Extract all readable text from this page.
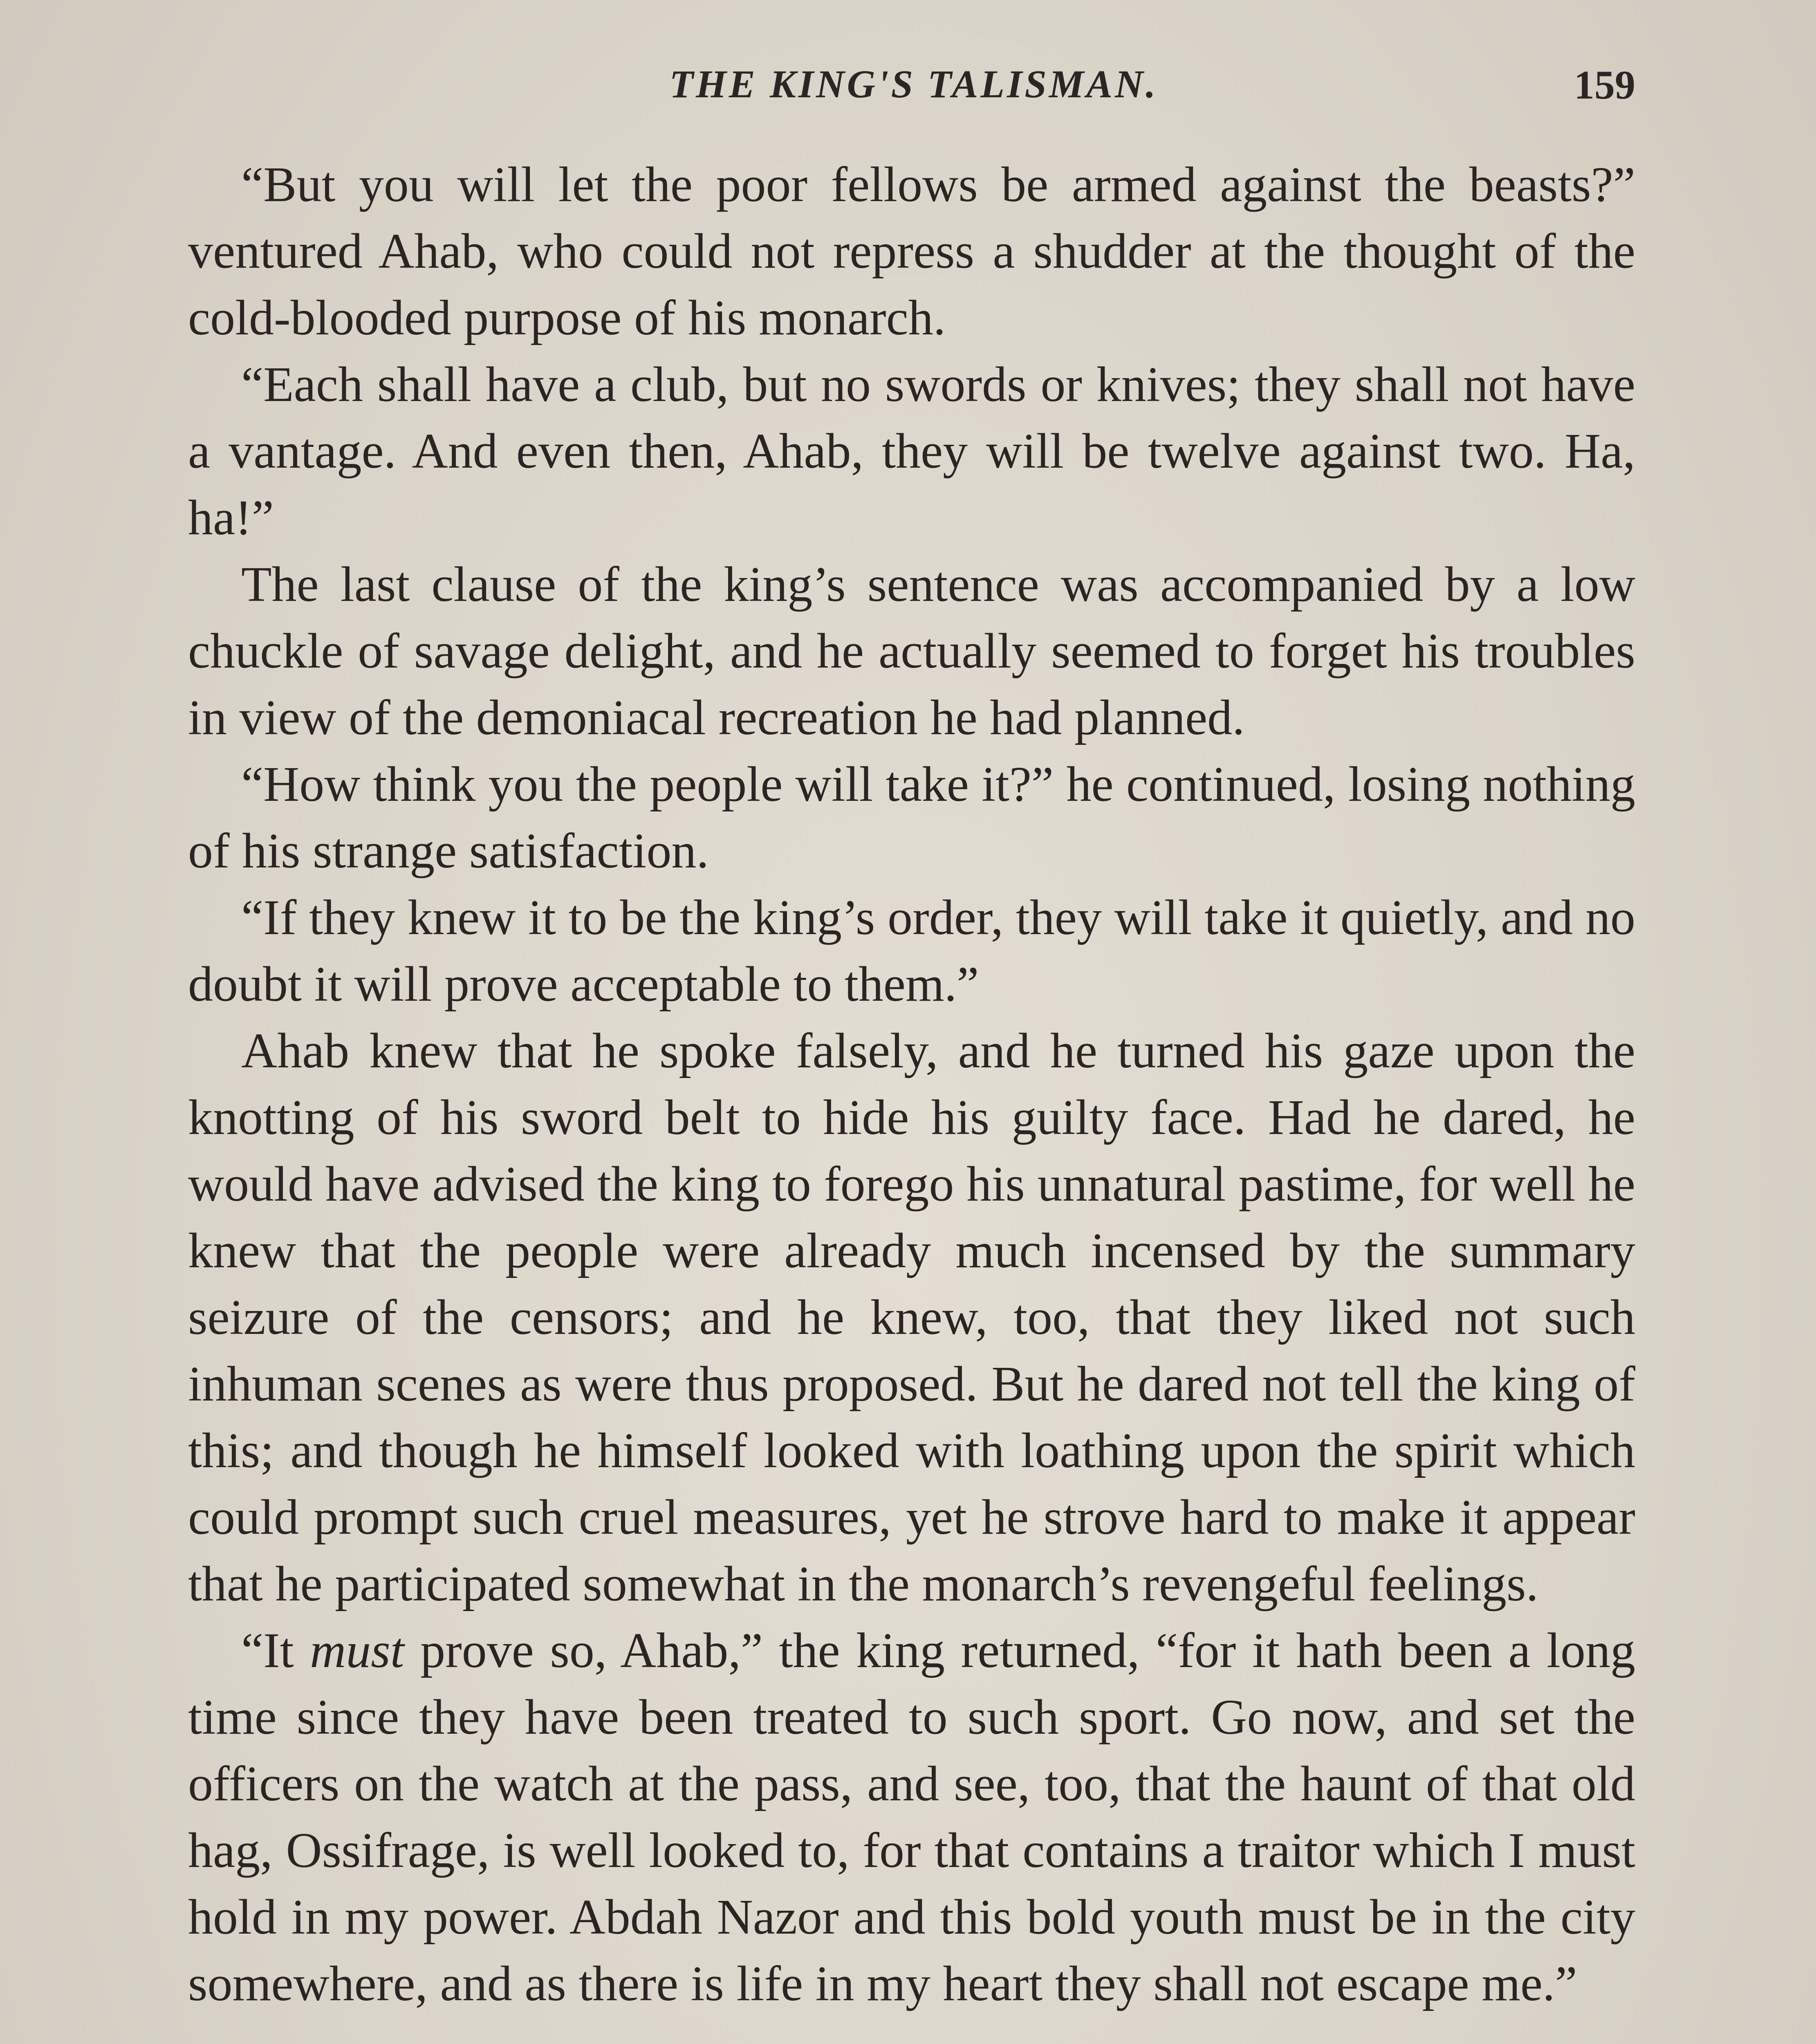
THE KING'S TALISMAN.	159

“But you will let the poor fellows be armed against the beasts?” ventured Ahab, who could not repress a shudder at the thought of the cold-blooded purpose of his monarch.

“Each shall have a club, but no swords or knives; they shall not have a vantage. And even then, Ahab, they will be twelve against two. Ha, ha!”

The last clause of the king’s sentence was accompanied by a low chuckle of savage delight, and he actually seemed to forget his troubles in view of the demoniacal recreation he had planned.

“How think you the people will take it?” he continued, losing nothing of his strange satisfaction.

“If they knew it to be the king’s order, they will take it quietly, and no doubt it will prove acceptable to them.”

Ahab knew that he spoke falsely, and he turned his gaze upon the knotting of his sword belt to hide his guilty face. Had he dared, he would have advised the king to forego his unnatural pastime, for well he knew that the people were already much incensed by the summary seizure of the censors; and he knew, too, that they liked not such inhuman scenes as were thus proposed. But he dared not tell the king of this; and though he himself looked with loathing upon the spirit which could prompt such cruel measures, yet he strove hard to make it appear that he participated somewhat in the monarch’s revengeful feelings.

“It must prove so, Ahab,” the king returned, “for it hath been a long time since they have been treated to such sport. Go now, and set the officers on the watch at the pass, and see, too, that the haunt of that old hag, Ossifrage, is well looked to, for that contains a traitor which I must hold in my power. Abdah Nazor and this bold youth must be in the city somewhere, and as there is life in my heart they shall not escape me.”
